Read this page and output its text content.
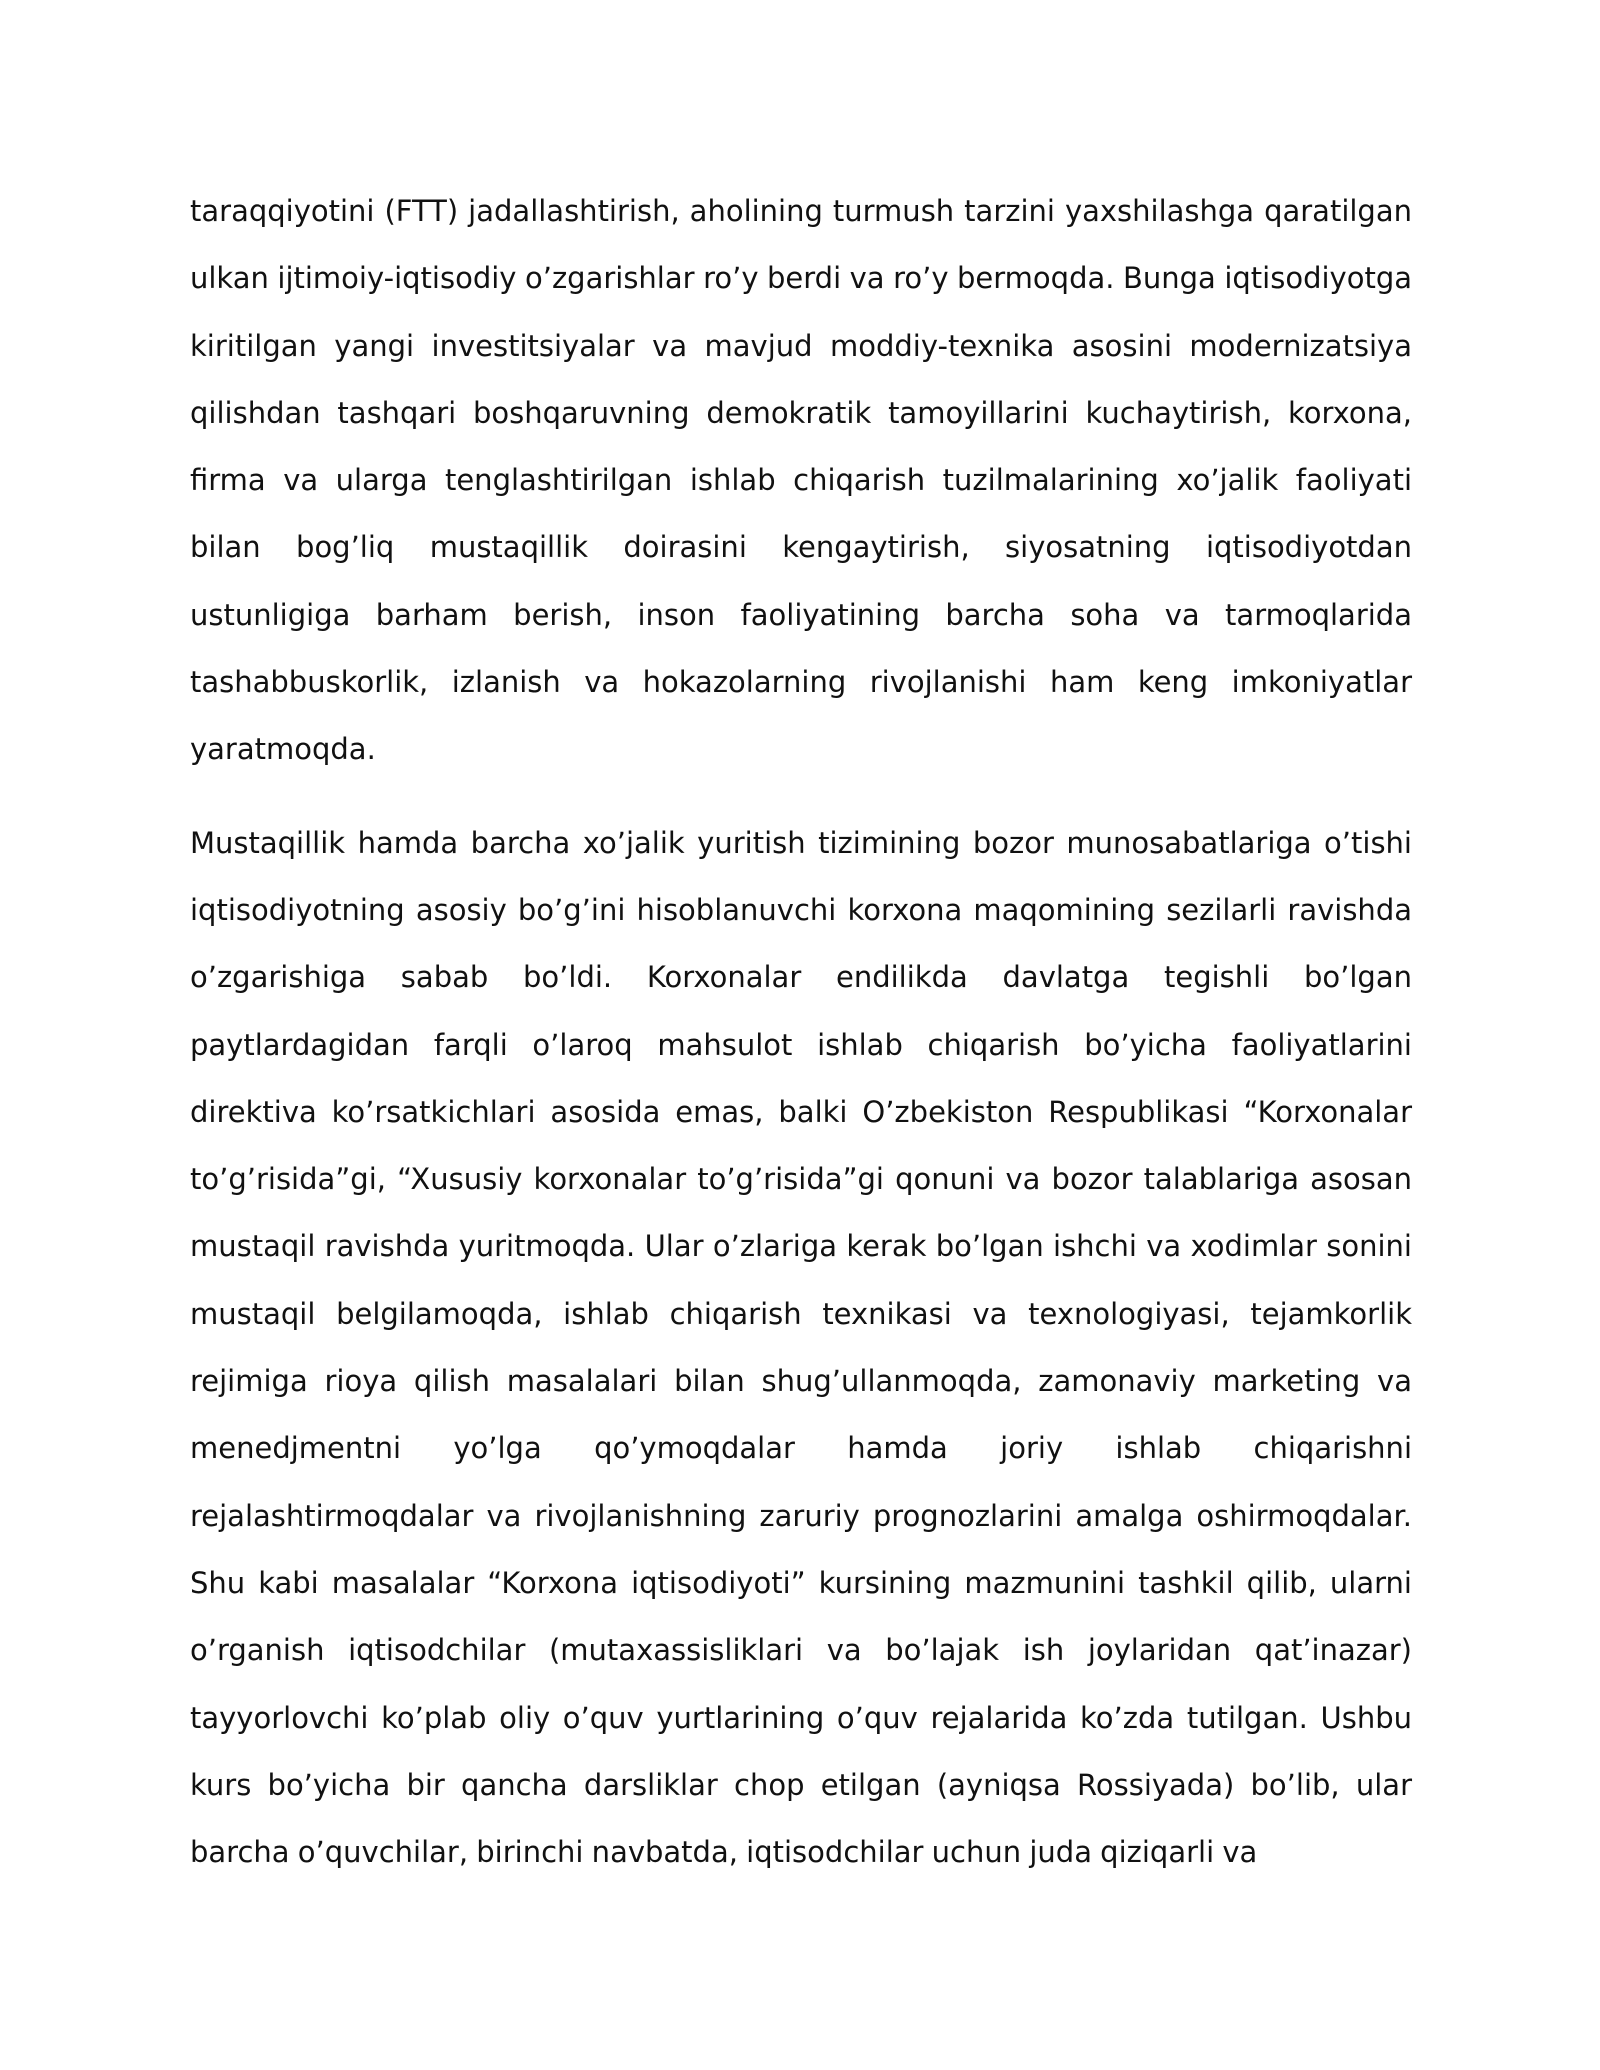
taraqqiyotini (FTT) jadallashtirish, aholining turmush tarzini yaxshilashga qaratilgan ulkan ijtimoiy-iqtisodiy o’zgarishlar ro’y berdi va ro’y bermoqda. Bunga iqtisodiyotga kiritilgan yangi investitsiyalar va mavjud moddiy-texnika asosini modernizatsiya qilishdan tashqari boshqaruvning demokratik tamoyillarini kuchaytirish, korxona, firma va ularga tenglashtirilgan ishlab chiqarish tuzilmalarining xo’jalik faoliyati bilan bog’liq mustaqillik doirasini kengaytirish, siyosatning iqtisodiyotdan ustunligiga barham berish, inson faoliyatining barcha soha va tarmoqlarida tashabbuskorlik, izlanish va hokazolarning rivojlanishi ham keng imkoniyatlar yaratmoqda.

Mustaqillik hamda barcha xo’jalik yuritish tizimining bozor munosabatlariga o’tishi iqtisodiyotning asosiy bo’g’ini hisoblanuvchi korxona maqomining sezilarli ravishda o’zgarishiga sabab bo’ldi. Korxonalar endilikda davlatga tegishli bo’lgan paytlardagidan farqli o’laroq mahsulot ishlab chiqarish bo’yicha faoliyatlarini direktiva ko’rsatkichlari asosida emas, balki O’zbekiston Respublikasi “Korxonalar to’g’risida”gi, “Xususiy korxonalar to’g’risida”gi qonuni va bozor talablariga asosan mustaqil ravishda yuritmoqda. Ular o’zlariga kerak bo’lgan ishchi va xodimlar sonini mustaqil belgilamoqda, ishlab chiqarish texnikasi va texnologiyasi, tejamkorlik rejimiga rioya qilish masalalari bilan shug’ullanmoqda, zamonaviy marketing va menedjmentni yo’lga qo’ymoqdalar hamda joriy ishlab chiqarishni rejalashtirmoqdalar va rivojlanishning zaruriy prognozlarini amalga oshirmoqdalar. Shu kabi masalalar “Korxona iqtisodiyoti” kursining mazmunini tashkil qilib, ularni o’rganish iqtisodchilar (mutaxassisliklari va bo’lajak ish joylaridan qat’inazar) tayyorlovchi ko’plab oliy o’quv yurtlarining o’quv rejalarida ko’zda tutilgan. Ushbu kurs bo’yicha bir qancha darsliklar chop etilgan (ayniqsa Rossiyada) bo’lib, ular barcha o’quvchilar, birinchi navbatda, iqtisodchilar uchun juda qiziqarli va
